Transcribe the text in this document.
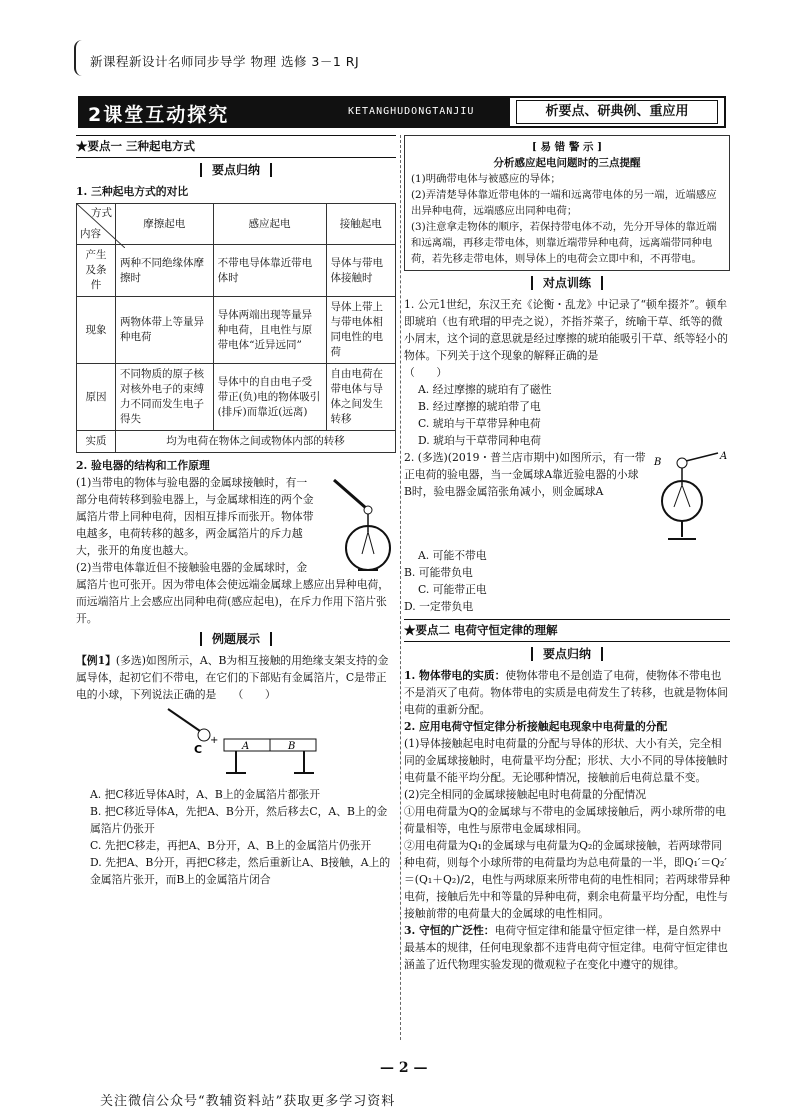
新课程新设计名师同步导学 物理 选修 3－1 RJ
2课堂互动探究	KETANGHUDONGTANJIU	析要点、研典例、重应用
★要点一 三种起电方式
要点归纳

1. 三种起电方式的对比

方式
内容	摩擦起电	感应起电	接触起电
产生及条件	两种不同绝缘体摩擦时	不带电导体靠近带电体时	导体与带电体接触时
现象	两物体带上等量异种电荷	导体两端出现等量异种电荷，且电性与原带电体“近异远同”	导体上带上与带电体相同电性的电荷
原因	不同物质的原子核对核外电子的束缚力不同而发生电子得失	导体中的自由电子受带正(负)电的物体吸引(排斥)而靠近(远离)	自由电荷在带电体与导体之间发生转移
实质	均为电荷在物体之间或物体内部的转移		

2. 验电器的结构和工作原理

(1)当带电的物体与验电器的金属球接触时，有一部分电荷转移到验电器上，与金属球相连的两个金属箔片带上同种电荷，因相互排斥而张开。物体带电越多，电荷转移的越多，两金属箔片的斥力越大，张开的角度也越大。

(2)当带电体靠近但不接触验电器的金属球时，金属箔片也可张开。因为带电体会使远端金属球上感应出异种电荷，而远端箔片上会感应出同种电荷(感应起电)，在斥力作用下箔片张开。

例题展示

【例1】(多选)如图所示，A、B为相互接触的用绝缘支架支持的金属导体，起初它们不带电，在它们的下部贴有金属箔片，C是带正电的小球，下列说法正确的是　　（　　）

+
C	A	B

A. 把C移近导体A时，A、B上的金属箔片都张开

B. 把C移近导体A，先把A、B分开，然后移去C，A、B上的金属箔片仍张开

C. 先把C移走，再把A、B分开，A、B上的金属箔片仍张开

D. 先把A、B分开，再把C移走，然后重新让A、B接触，A上的金属箔片张开，而B上的金属箔片闭合

[ 易 错 警 示 ]
分析感应起电问题时的三点提醒

(1)明确带电体与被感应的导体；

(2)弄清楚导体靠近带电体的一端和远离带电体的另一端，近端感应出异种电荷，远端感应出同种电荷；

(3)注意拿走物体的顺序，若保持带电体不动，先分开导体的靠近端和远离端，再移走带电体，则靠近端带异种电荷，远离端带同种电荷，若先移走带电体，则导体上的电荷会立即中和，不再带电。

对点训练

1. 公元1世纪，东汉王充《论衡・乱龙》中记录了“顿牟掇芥”。顿牟即琥珀（也有玳瑁的甲壳之说），芥指芥菜子，统喻干草、纸等的微小屑末，这个词的意思就是经过摩擦的琥珀能吸引干草、纸等轻小的物体。下列关于这个现象的解释正确的是　　　　　　　　　　（　　）

A. 经过摩擦的琥珀有了磁性

B. 经过摩擦的琥珀带了电

C. 琥珀与干草带异种电荷

D. 琥珀与干草带同种电荷

A
B

2. (多选)(2019・普兰店市期中)如图所示，有一带正电荷的验电器，当一金属球A靠近验电器的小球B时，验电器金属箔张角减小，则金属球A

A. 可能不带电

B. 可能带负电

C. 可能带正电

D. 一定带负电

★要点二 电荷守恒定律的理解
要点归纳

1. 物体带电的实质：使物体带电不是创造了电荷，使物体不带电也不是消灭了电荷。物体带电的实质是电荷发生了转移，也就是物体间电荷的重新分配。

2. 应用电荷守恒定律分析接触起电现象中电荷量的分配

(1)导体接触起电时电荷量的分配与导体的形状、大小有关，完全相同的金属球接触时，电荷量平均分配；形状、大小不同的导体接触时电荷量不能平均分配。无论哪种情况，接触前后电荷总量不变。

(2)完全相同的金属球接触起电时电荷量的分配情况

①用电荷量为Q的金属球与不带电的金属球接触后，两小球所带的电荷量相等，电性与原带电金属球相同。

②用电荷量为Q₁的金属球与电荷量为Q₂的金属球接触，若两球带同种电荷，则每个小球所带的电荷量均为总电荷量的一半，即Q₁′＝Q₂′＝(Q₁＋Q₂)/2，电性与两球原来所带电荷的电性相同；若两球带异种电荷，接触后先中和等量的异种电荷，剩余电荷量平均分配，电性与接触前带的电荷量大的金属球的电性相同。

3. 守恒的广泛性：电荷守恒定律和能量守恒定律一样，是自然界中最基本的规律，任何电现象都不违背电荷守恒定律。电荷守恒定律也涵盖了近代物理实验发现的微观粒子在变化中遵守的规律。

— 2 —
关注微信公众号“教辅资料站”获取更多学习资料
